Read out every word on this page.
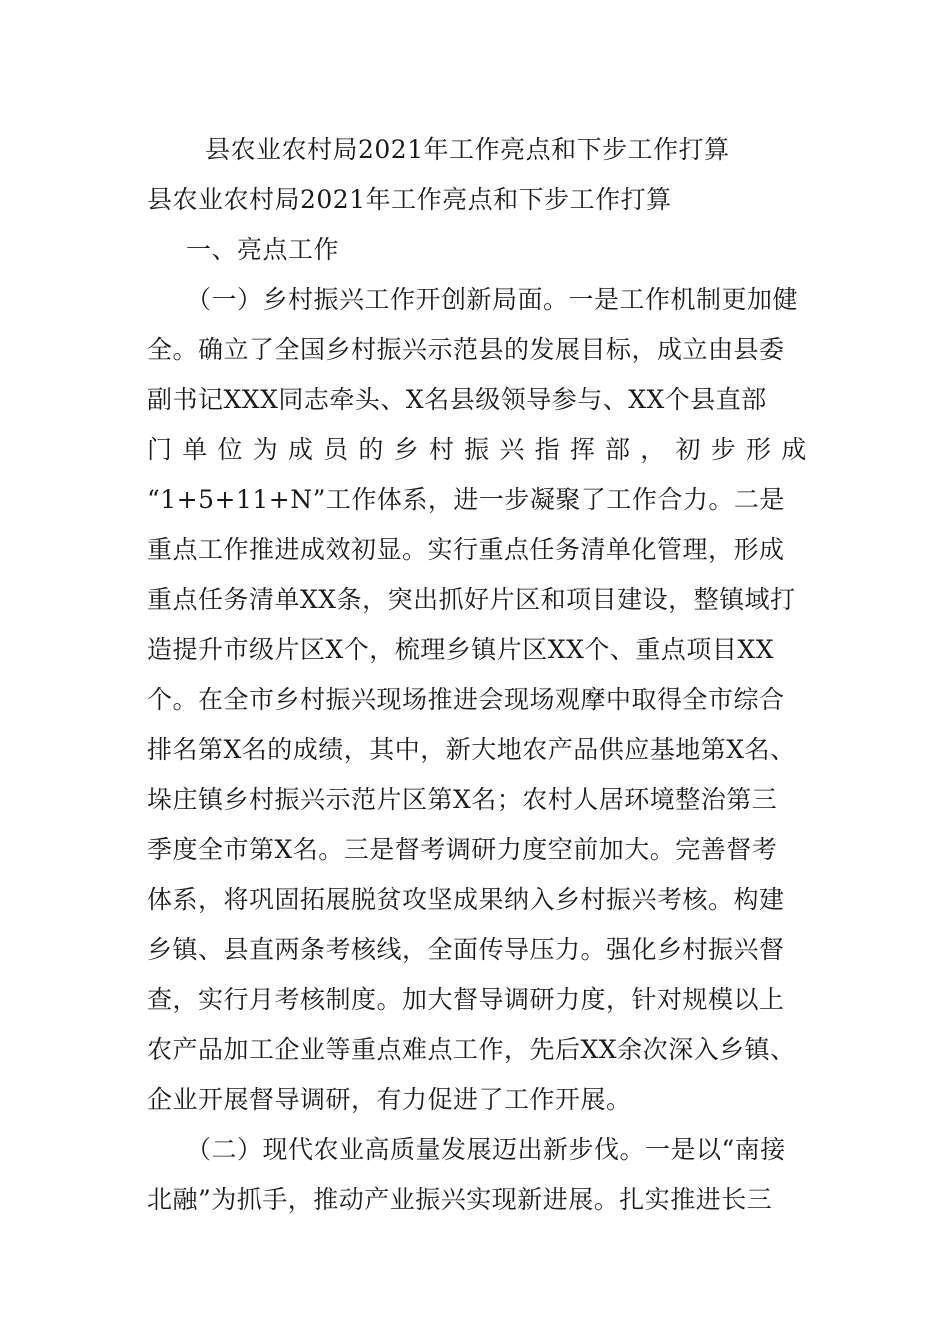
县农业农村局2021年工作亮点和下步工作打算
县农业农村局2021年工作亮点和下步工作打算
一、亮点工作
（一）乡村振兴工作开创新局面。一是工作机制更加健
全。确立了全国乡村振兴示范县的发展目标，成立由县委
副书记XXX同志牵头、X名县级领导参与、XX个县直部
门 单 位 为 成 员 的 乡 村 振 兴 指 挥 部 ， 初 步 形 成
“1+5+11+N”工作体系，进一步凝聚了工作合力。二是
重点工作推进成效初显。实行重点任务清单化管理，形成
重点任务清单XX条，突出抓好片区和项目建设，整镇域打
造提升市级片区X个，梳理乡镇片区XX个、重点项目XX
个。在全市乡村振兴现场推进会现场观摩中取得全市综合
排名第X名的成绩，其中，新大地农产品供应基地第X名、
垛庄镇乡村振兴示范片区第X名；农村人居环境整治第三
季度全市第X名。三是督考调研力度空前加大。完善督考
体系，将巩固拓展脱贫攻坚成果纳入乡村振兴考核。构建
乡镇、县直两条考核线，全面传导压力。强化乡村振兴督
查，实行月考核制度。加大督导调研力度，针对规模以上
农产品加工企业等重点难点工作，先后XX余次深入乡镇、
企业开展督导调研，有力促进了工作开展。
（二）现代农业高质量发展迈出新步伐。一是以“南接
北融”为抓手，推动产业振兴实现新进展。扎实推进长三
